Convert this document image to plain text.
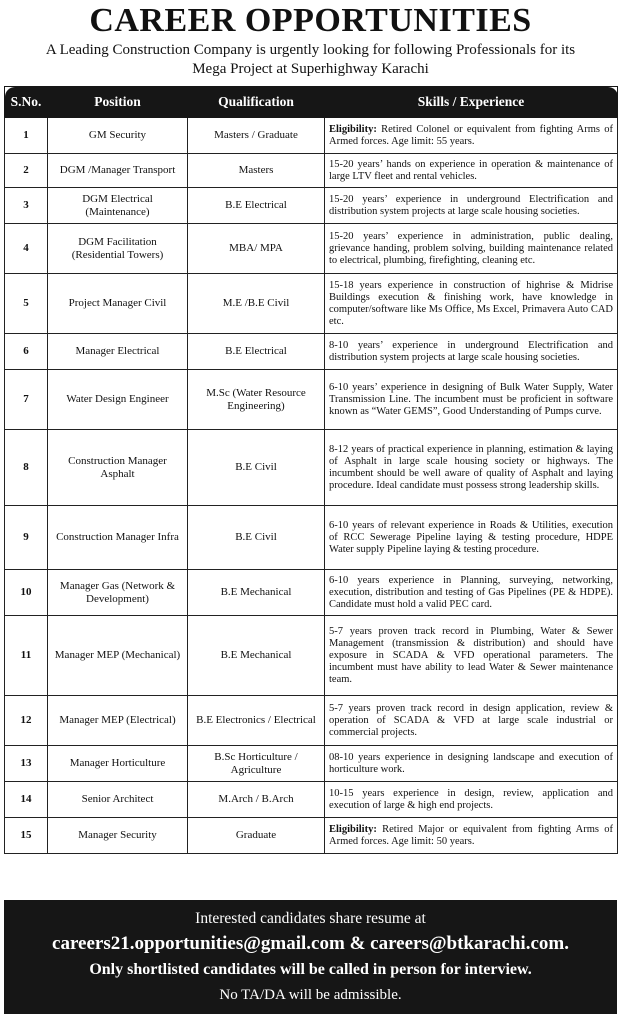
CAREER OPPORTUNITIES
A Leading Construction Company is urgently looking for following Professionals for its
Mega Project at Superhighway Karachi
S.No.	Position	Qualification	Skills / Experience
1	GM Security	Masters / Graduate	Eligibility: Retired Colonel or equivalent from fighting Arms of Armed forces. Age limit: 55 years.
2	DGM /Manager Transport	Masters	15-20 years’ hands on experience in operation & maintenance of large LTV fleet and rental vehicles.
3	DGM Electrical (Maintenance)	B.E Electrical	15-20 years’ experience in underground Electrification and distribution system projects at large scale housing societies.
4	DGM Facilitation (Residential Towers)	MBA/ MPA	15-20 years’ experience in administration, public dealing, grievance handing, problem solving, building maintenance related to electrical, plumbing, firefighting, cleaning etc.
5	Project Manager Civil	M.E /B.E Civil	15-18 years experience in construction of highrise & Midrise Buildings execution & finishing work, have knowledge in computer/software like Ms Office, Ms Excel, Primavera Auto CAD etc.
6	Manager Electrical	B.E Electrical	8-10 years’ experience in underground Electrification and distribution system projects at large scale housing societies.
7	Water Design Engineer	M.Sc (Water Resource Engineering)	6-10 years’ experience in designing of Bulk Water Supply, Water Transmission Line. The incumbent must be proficient in software known as “Water GEMS”, Good Understanding of Pumps curve.
8	Construction Manager Asphalt	B.E Civil	8-12 years of practical experience in planning, estimation & laying of Asphalt in large scale housing society or highways. The incumbent should be well aware of quality of Asphalt and laying procedure. Ideal candidate must possess strong leadership skills.
9	Construction Manager Infra	B.E Civil	6-10 years of relevant experience in Roads & Utilities, execution of RCC Sewerage Pipeline laying & testing procedure, HDPE Water supply Pipeline laying & testing procedure.
10	Manager Gas (Network & Development)	B.E Mechanical	6-10 years experience in Planning, surveying, networking, execution, distribution and testing of Gas Pipelines (PE & HDPE). Candidate must hold a valid PEC card.
11	Manager MEP (Mechanical)	B.E Mechanical	5-7 years proven track record in Plumbing, Water & Sewer Management (transmission & distribution) and should have exposure in SCADA & VFD operational parameters. The incumbent must have ability to lead Water & Sewer maintenance team.
12	Manager MEP (Electrical)	B.E Electronics / Electrical	5-7 years proven track record in design application, review & operation of SCADA & VFD at large scale industrial or commercial projects.
13	Manager Horticulture	B.Sc Horticulture / Agriculture	08-10 years experience in designing landscape and execution of horticulture work.
14	Senior Architect	M.Arch / B.Arch	10-15 years experience in design, review, application and execution of large & high end projects.
15	Manager Security	Graduate	Eligibility: Retired Major or equivalent from fighting Arms of Armed forces. Age limit: 50 years.
Interested candidates share resume at
careers21.opportunities@gmail.com & careers@btkarachi.com.
Only shortlisted candidates will be called in person for interview.
No TA/DA will be admissible.
